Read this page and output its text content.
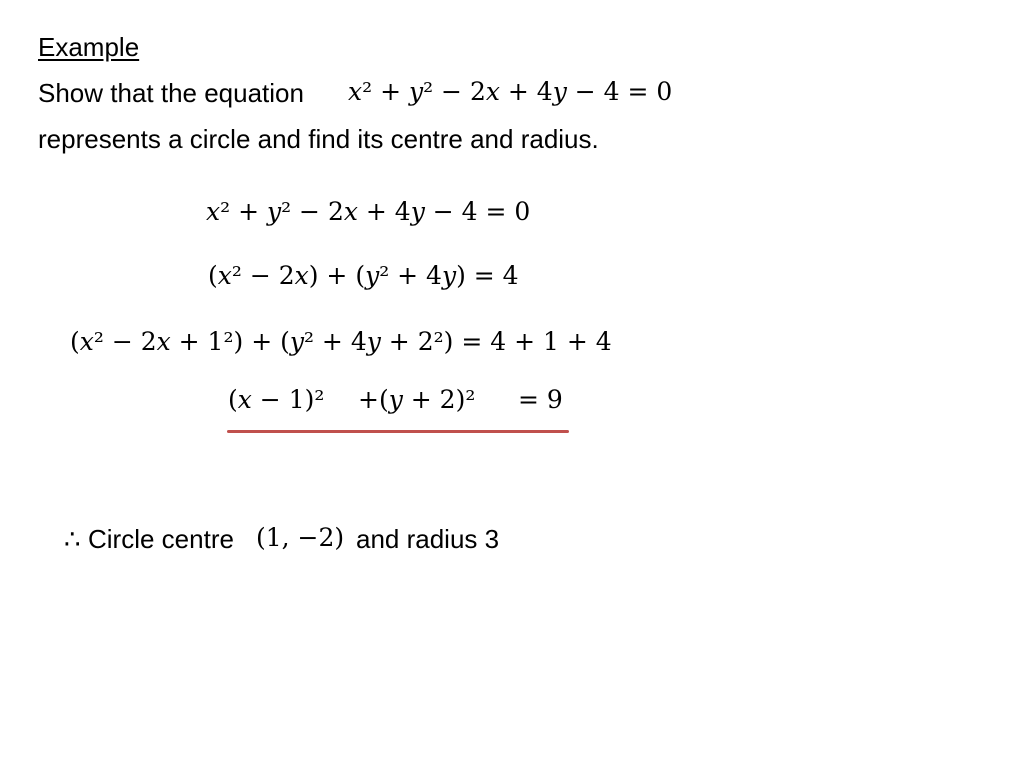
Example
Show that the equation 𝑥² + 𝑦² − 2𝑥 + 4𝑦 − 4 = 0
represents a circle and find its centre and radius.
𝑥² + 𝑦² − 2𝑥 + 4𝑦 − 4 = 0
(𝑥² − 2𝑥) + (𝑦² + 4𝑦) = 4
(𝑥² − 2𝑥 + 1²) + (𝑦² + 4𝑦 + 2²) = 4 + 1 + 4
(𝑥 − 1)² +(𝑦 + 2)² = 9
∴ Circle centre (1, −2) and radius 3
